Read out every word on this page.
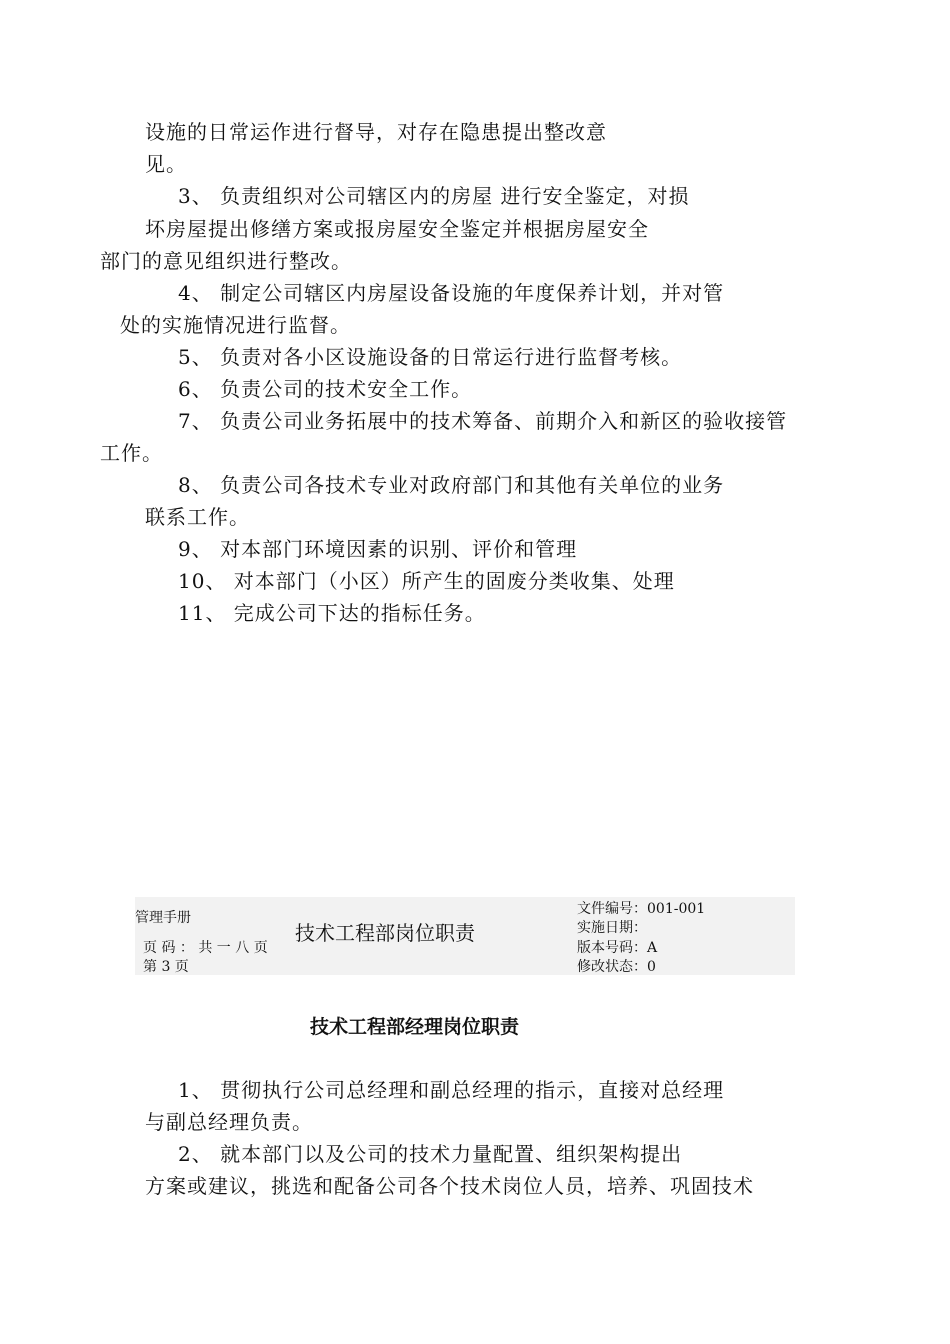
设施的日常运作进行督导，对存在隐患提出整改意
见。
3、 负责组织对公司辖区内的房屋 进行安全鉴定，对损
坏房屋提出修缮方案或报房屋安全鉴定并根据房屋安全
部门的意见组织进行整改。
4、 制定公司辖区内房屋设备设施的年度保养计划，并对管
处的实施情况进行监督。
5、 负责对各小区设施设备的日常运行进行监督考核。
6、 负责公司的技术安全工作。
7、 负责公司业务拓展中的技术筹备、前期介入和新区的验收接管
工作。
8、 负责公司各技术专业对政府部门和其他有关单位的业务
联系工作。
9、 对本部门环境因素的识别、评价和管理
10、 对本部门（小区）所产生的固废分类收集、处理
11、 完成公司下达的指标任务。
管理手册
页 码 ： 共 一 八 页
第 3 页
技术工程部岗位职责
文件编号：001-001
实施日期：
版本号码：A
修改状态：0
技术工程部经理岗位职责
1、 贯彻执行公司总经理和副总经理的指示，直接对总经理
与副总经理负责。
2、 就本部门以及公司的技术力量配置、组织架构提出
方案或建议，挑选和配备公司各个技术岗位人员，培养、巩固技术
